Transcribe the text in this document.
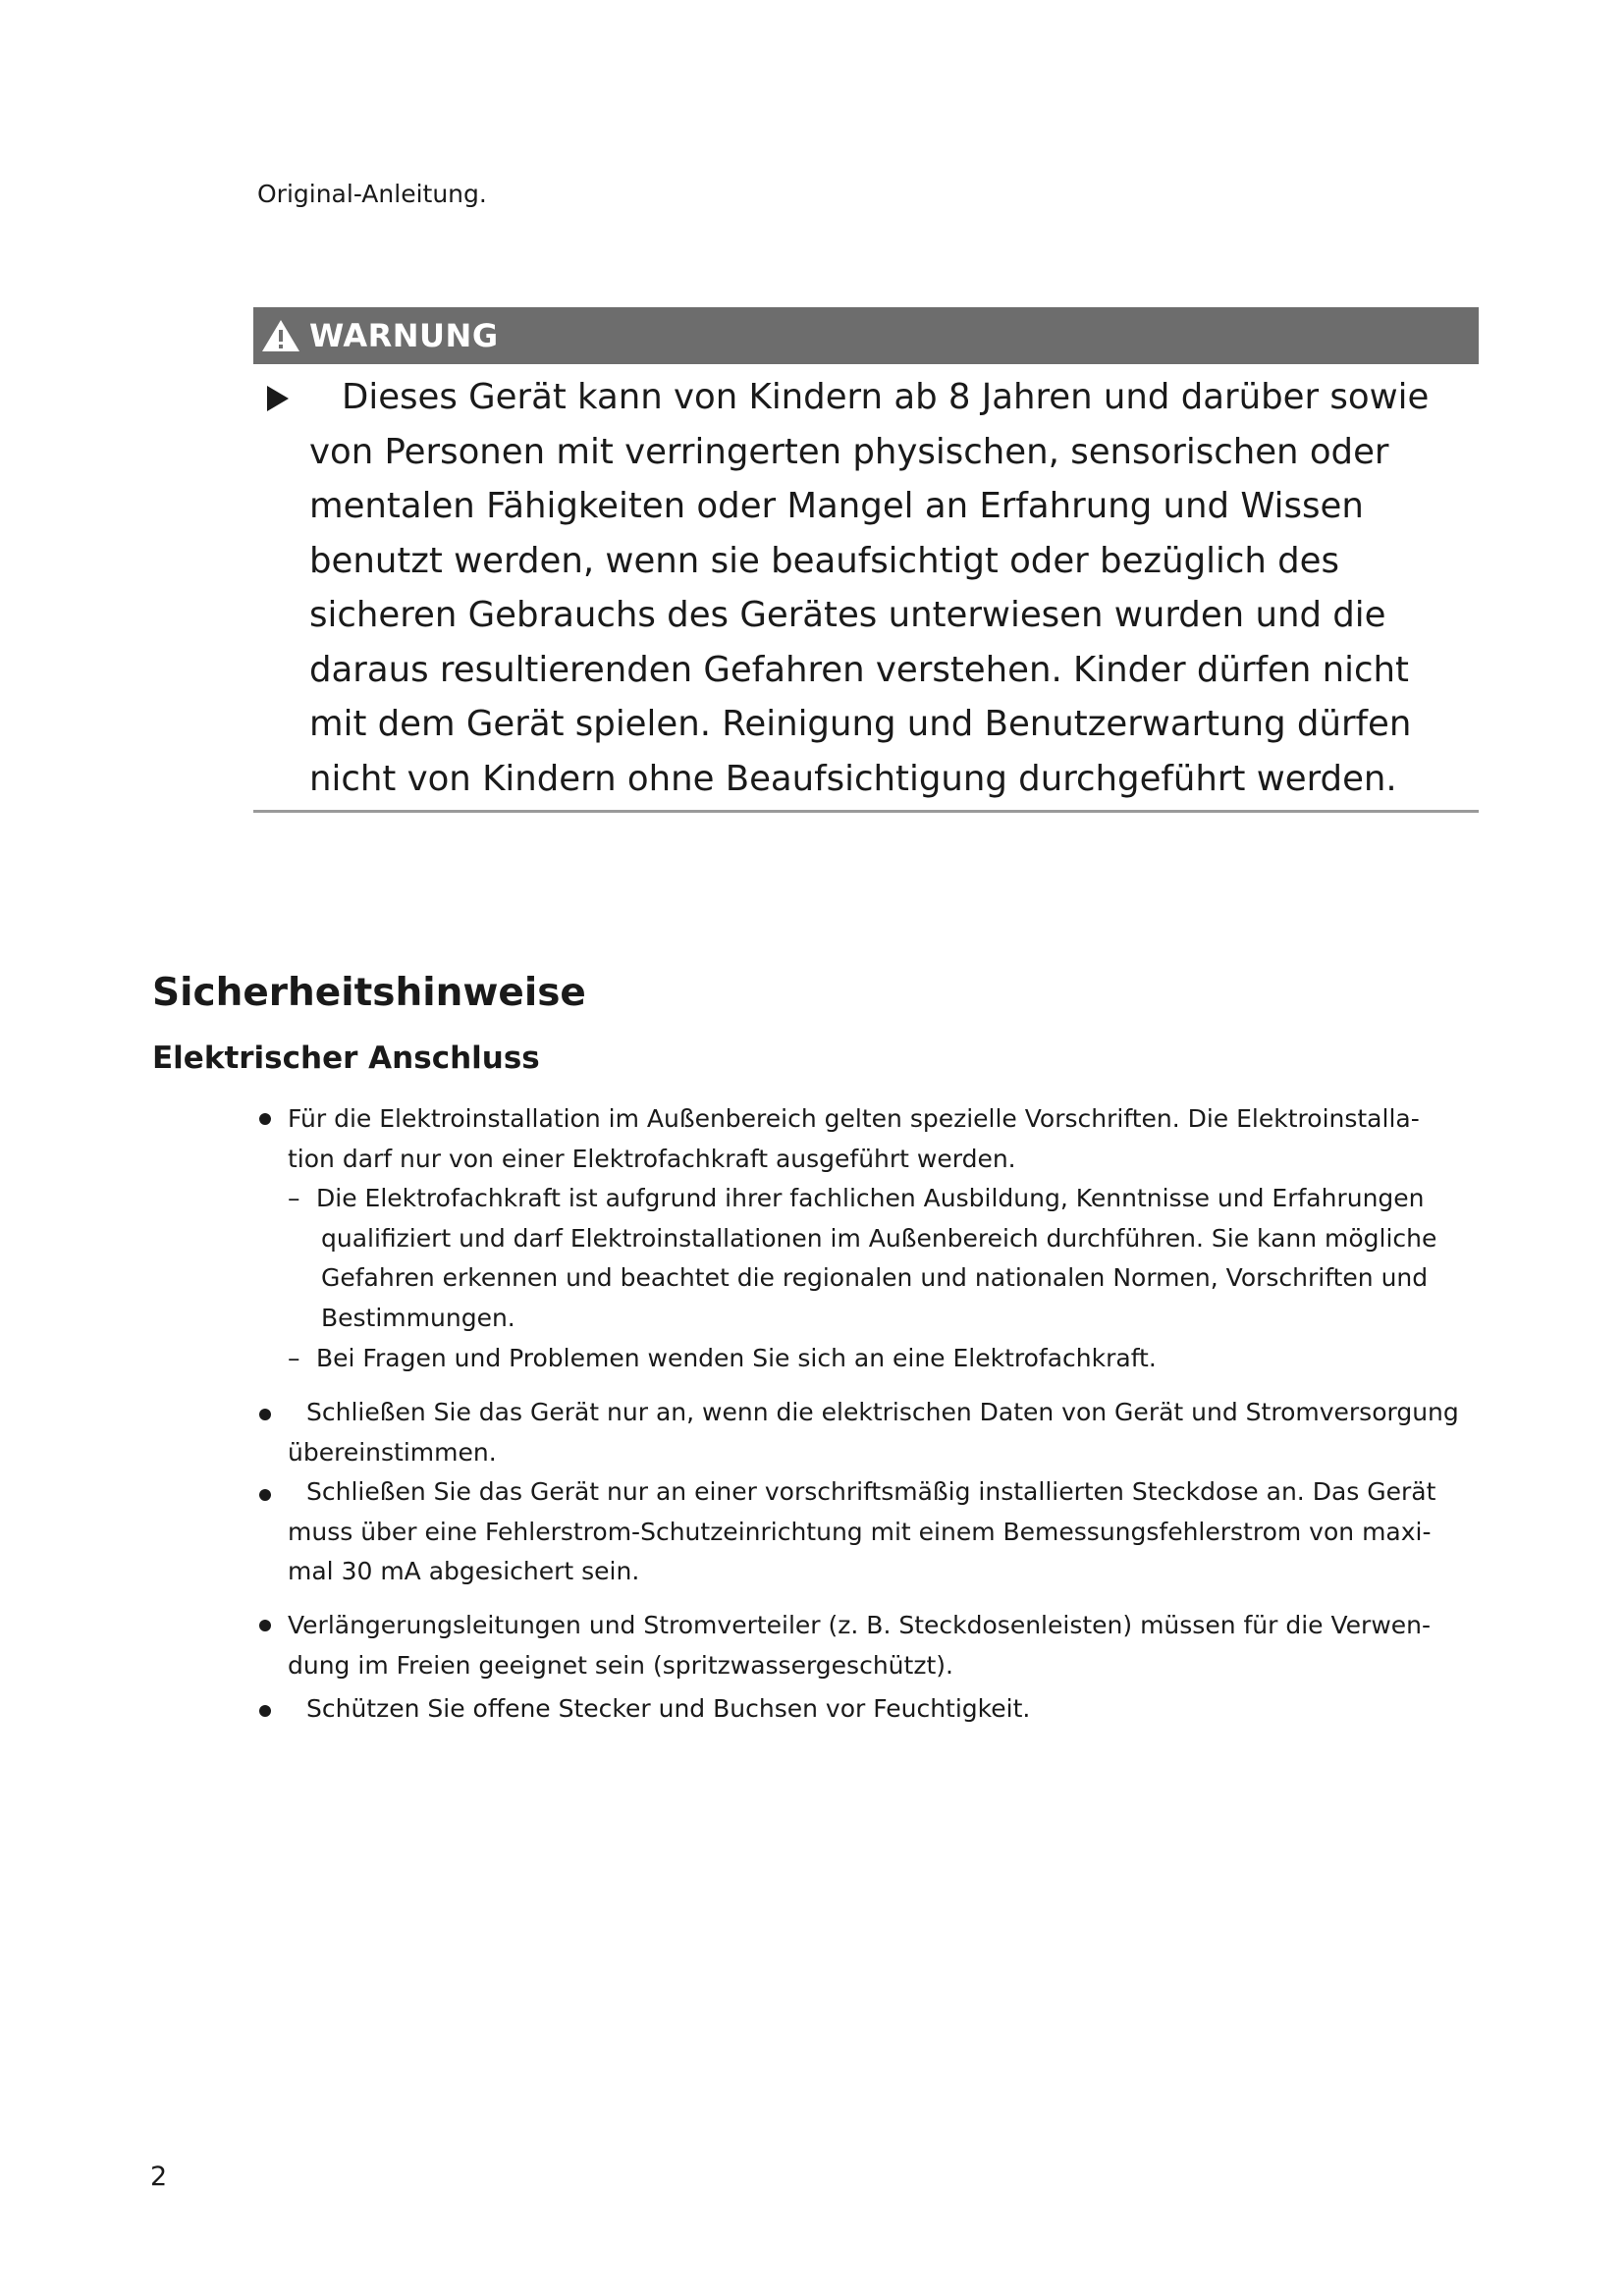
Original-Anleitung.
WARNUNG
Dieses Gerät kann von Kindern ab 8 Jahren und darüber sowie von Personen mit verringerten physischen, sensorischen oder mentalen Fähigkeiten oder Mangel an Erfahrung und Wissen benutzt werden, wenn sie beaufsichtigt oder bezüglich des sicheren Gebrauchs des Gerätes unterwiesen wurden und die daraus resultierenden Gefahren verstehen. Kinder dürfen nicht mit dem Gerät spielen. Reinigung und Benutzerwartung dürfen nicht von Kindern ohne Beaufsichtigung durchgeführt werden.
Sicherheitshinweise
Elektrischer Anschluss
Für die Elektroinstallation im Außenbereich gelten spezielle Vorschriften. Die Elektroinstalla-
tion darf nur von einer Elektrofachkraft ausgeführt werden.
– Die Elektrofachkraft ist aufgrund ihrer fachlichen Ausbildung, Kenntnisse und Erfahrungen
qualifiziert und darf Elektroinstallationen im Außenbereich durchführen. Sie kann mögliche
Gefahren erkennen und beachtet die regionalen und nationalen Normen, Vorschriften und
Bestimmungen.
– Bei Fragen und Problemen wenden Sie sich an eine Elektrofachkraft.
Schließen Sie das Gerät nur an, wenn die elektrischen Daten von Gerät und Stromversorgung
übereinstimmen.
Schließen Sie das Gerät nur an einer vorschriftsmäßig installierten Steckdose an. Das Gerät
muss über eine Fehlerstrom-Schutzeinrichtung mit einem Bemessungsfehlerstrom von maxi-
mal 30 mA abgesichert sein.
Verlängerungsleitungen und Stromverteiler (z. B. Steckdosenleisten) müssen für die Verwen-
dung im Freien geeignet sein (spritzwassergeschützt).
Schützen Sie offene Stecker und Buchsen vor Feuchtigkeit.
2
